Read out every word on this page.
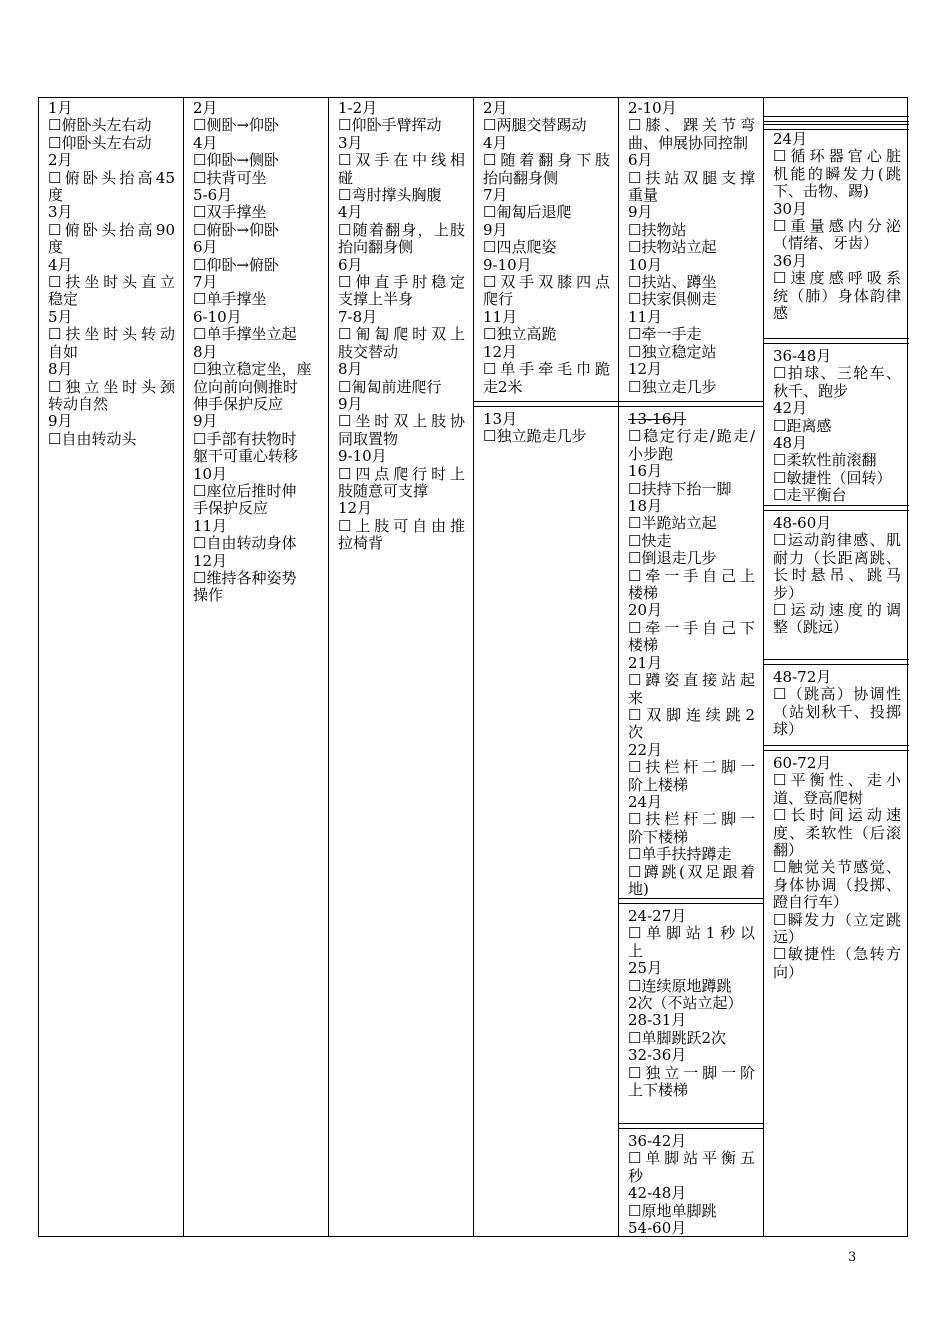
1月
☐俯卧头左右动
☐仰卧头左右动
2月
☐俯卧头抬高45
度
3月
☐俯卧头抬高90
度
4月
☐扶坐时头直立
稳定
5月
☐扶坐时头转动
自如
8月
☐独立坐时头颈
转动自然
9月
☐自由转动头
2月
☐侧卧→仰卧
4月
☐仰卧→侧卧
☐扶背可坐
5-6月
☐双手撑坐
☐俯卧→仰卧
6月
☐仰卧→俯卧
7月
☐单手撑坐
6-10月
☐单手撑坐立起
8月
☐独立稳定坐，座
位向前向侧推时
伸手保护反应
9月
☐手部有扶物时
躯干可重心转移
10月
☐座位后推时伸
手保护反应
11月
☐自由转动身体
12月
☐维持各种姿势
操作
1-2月
☐仰卧手臂挥动
3月
☐双手在中线相
碰
☐弯肘撑头胸腹
4月
☐随着翻身，上肢
抬向翻身侧
6月
☐伸直手肘稳定
支撑上半身
7-8月
☐匍匐爬时双上
肢交替动
8月
☐匍匐前进爬行
9月
☐坐时双上肢协
同取置物
9-10月
☐四点爬行时上
肢随意可支撑
12月
☐上肢可自由推
拉椅背
2月
☐两腿交替踢动
4月
☐随着翻身下肢
抬向翻身侧
7月
☐匍匐后退爬
9月
☐四点爬姿
9-10月
☐双手双膝四点
爬行
11月
☐独立高跪
12月
☐单手牵毛巾跪
走2米
13月
☐独立跪走几步
2-10月
☐膝、踝关节弯
曲、伸展协同控制
6月
☐扶站双腿支撑
重量
9月
☐扶物站
☐扶物站立起
10月
☐扶站、蹲坐
☐扶家俱侧走
11月
☐牵一手走
☐独立稳定站
12月
☐独立走几步
13-16月
☐稳定行走/跪走/
小步跑
16月
☐扶持下抬一脚
18月
☐半跪站立起
☐快走
☐倒退走几步
☐牵一手自己上
楼梯
20月
☐牵一手自己下
楼梯
21月
☐蹲姿直接站起
来
☐双脚连续跳2
次
22月
☐扶栏杆二脚一
阶上楼梯
24月
☐扶栏杆二脚一
阶下楼梯
☐单手扶持蹲走
☐蹲跳(双足跟着
地)
24-27月
☐单脚站1秒以
上
25月
☐连续原地蹲跳
2次（不站立起）
28-31月
☐单脚跳跃2次
32-36月
☐独立一脚一阶
上下楼梯
36-42月
☐单脚站平衡五
秒
42-48月
☐原地单脚跳
54-60月
24月
☐循环器官心脏
机能的瞬发力(跳
下、击物、踢)
30月
☐重量感内分泌
（情绪、牙齿）
36月
☐速度感呼吸系
统（肺）身体韵律
感
36-48月
☐拍球、三轮车、
秋千、跑步
42月
☐距离感
48月
☐柔软性前滚翻
☐敏捷性（回转）
☐走平衡台
48-60月
☐运动韵律感、肌
耐力（长距离跳、
长时悬吊、跳马
步）
☐运动速度的调
整（跳远）
48-72月
☐（跳高）协调性
（站划秋千、投掷
球）
60-72月
☐平衡性、走小
道、登高爬树
☐长时间运动速
度、柔软性（后滚
翻）
☐触觉关节感觉、
身体协调（投掷、
蹬自行车）
☐瞬发力（立定跳
远）
☐敏捷性（急转方
向）
3
